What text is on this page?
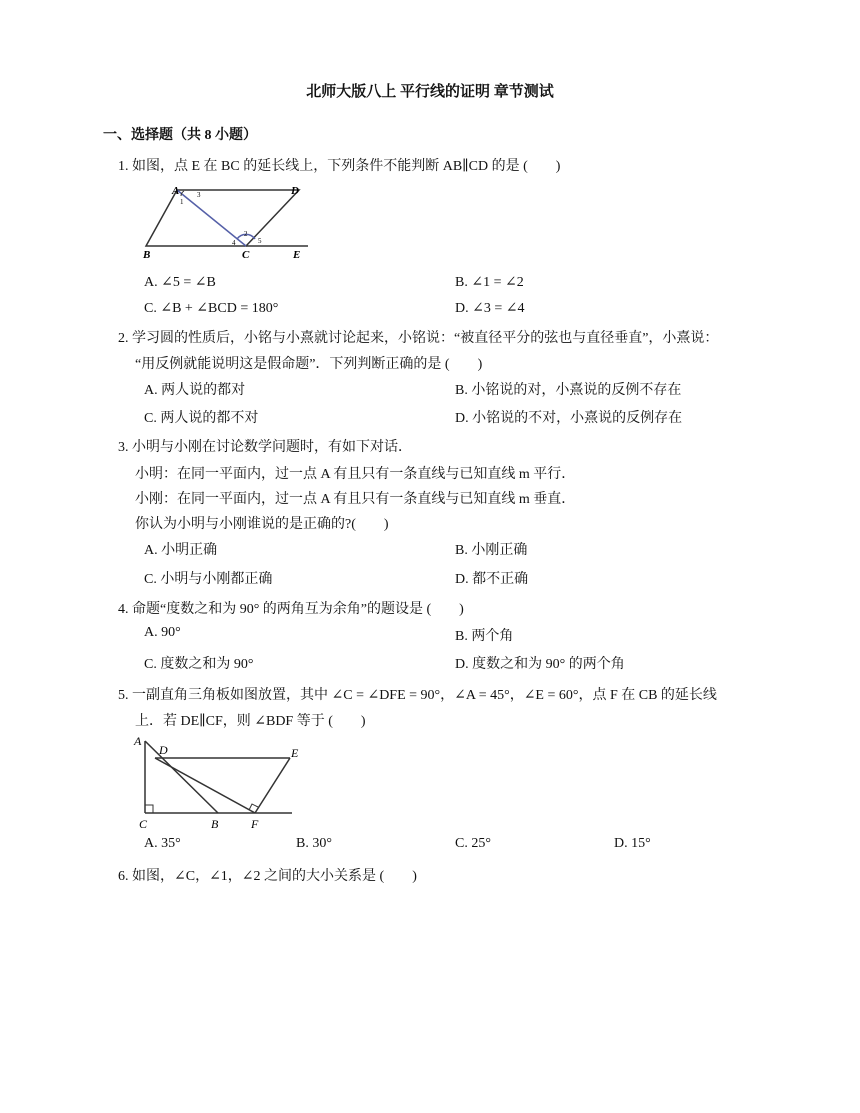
北师大版八上 平行线的证明 章节测试
一、选择题（共 8 小题）
1. 如图，点 E 在 BC 的延长线上，下列条件不能判断 AB∥CD 的是 (　　)
A	D
B	C	E
1
2
3
4	5
A. ∠5 = ∠B	B. ∠1 = ∠2
C. ∠B + ∠BCD = 180°	D. ∠3 = ∠4
2. 学习圆的性质后，小铭与小熹就讨论起来，小铭说：“被直径平分的弦也与直径垂直”，小熹说：
“用反例就能说明这是假命题”．下列判断正确的是 (　　)
A. 两人说的都对	B. 小铭说的对，小熹说的反例不存在
C. 两人说的都不对	D. 小铭说的不对，小熹说的反例存在
3. 小明与小刚在讨论数学问题时，有如下对话．
小明：在同一平面内，过一点 A 有且只有一条直线与已知直线 m 平行．
小刚：在同一平面内，过一点 A 有且只有一条直线与已知直线 m 垂直．
你认为小明与小刚谁说的是正确的?(　　)
A. 小明正确	B. 小刚正确
C. 小明与小刚都正确	D. 都不正确
4. 命题“度数之和为 90° 的两角互为余角”的题设是 (　　)
A. 90°	B. 两个角
C. 度数之和为 90°	D. 度数之和为 90° 的两个角
5. 一副直角三角板如图放置，其中 ∠C = ∠DFE = 90°，∠A = 45°，∠E = 60°，点 F 在 CB 的延长线
上．若 DE∥CF，则 ∠BDF 等于 (　　)
A
D	E
C	B	F
A. 35°	B. 30°	C. 25°	D. 15°
6. 如图，∠C，∠1，∠2 之间的大小关系是 (　　)
